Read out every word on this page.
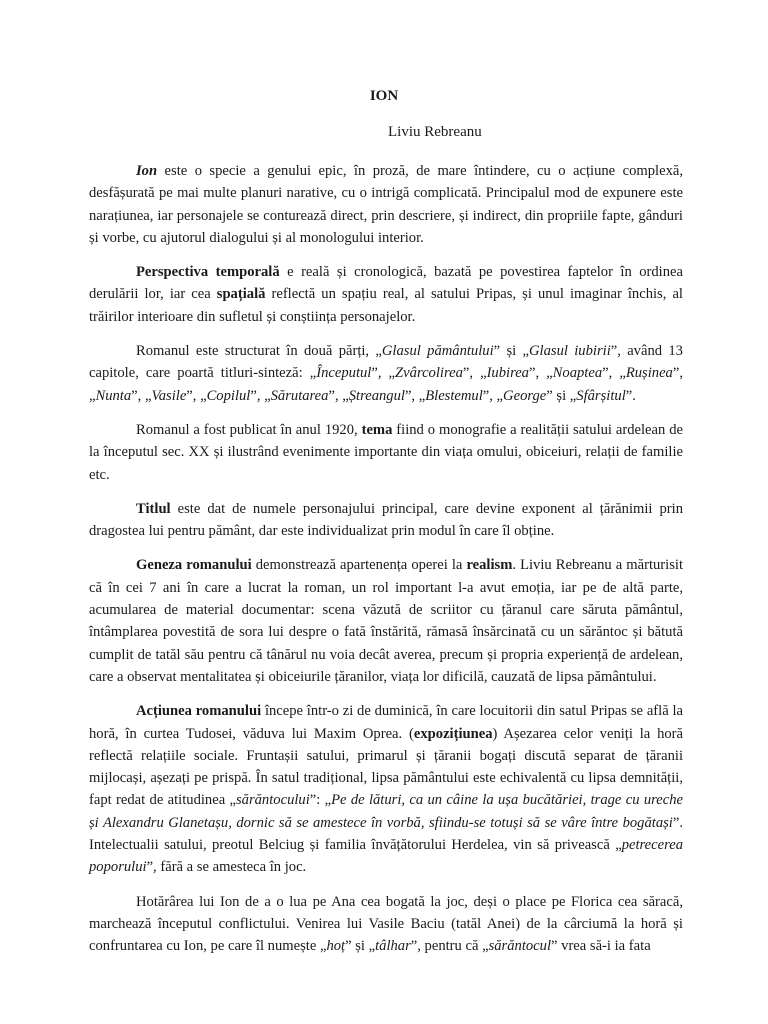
ION

Liviu Rebreanu

Ion este o specie a genului epic, în proză, de mare întindere, cu o acțiune complexă, desfășurată pe mai multe planuri narative, cu o intrigă complicată. Principalul mod de expunere este narațiunea, iar personajele se conturează direct, prin descriere, și indirect, din propriile fapte, gânduri și vorbe, cu ajutorul dialogului și al monologului interior.

Perspectiva temporală e reală și cronologică, bazată pe povestirea faptelor în ordinea derulării lor, iar cea spațială reflectă un spațiu real, al satului Pripas, și unul imaginar închis, al trăirilor interioare din sufletul și conștiința personajelor.

Romanul este structurat în două părți, „Glasul pământului” și „Glasul iubirii”, având 13 capitole, care poartă titluri-sinteză: „Începutul”, „Zvârcolirea”, „Iubirea”, „Noaptea”, „Rușinea”, „Nunta”, „Vasile”, „Copilul”, „Sărutarea”, „Ștreangul”, „Blestemul”, „George” și „Sfârșitul”.

Romanul a fost publicat în anul 1920, tema fiind o monografie a realității satului ardelean de la începutul sec. XX și ilustrând evenimente importante din viața omului, obiceiuri, relații de familie etc.

Titlul este dat de numele personajului principal, care devine exponent al țărănimii prin dragostea lui pentru pământ, dar este individualizat prin modul în care îl obține.

Geneza romanului demonstrează apartenența operei la realism. Liviu Rebreanu a mărturisit că în cei 7 ani în care a lucrat la roman, un rol important l-a avut emoția, iar pe de altă parte, acumularea de material documentar: scena văzută de scriitor cu țăranul care săruta pământul, întâmplarea povestită de sora lui despre o fată înstărită, rămasă însărcinată cu un sărăntoc și bătută cumplit de tatăl său pentru că tânărul nu voia decât averea, precum și propria experiență de ardelean, care a observat mentalitatea și obiceiurile țăranilor, viața lor dificilă, cauzată de lipsa pământului.

Acțiunea romanului începe într-o zi de duminică, în care locuitorii din satul Pripas se află la horă, în curtea Tudosei, văduva lui Maxim Oprea. (expozițiunea) Așezarea celor veniți la horă reflectă relațiile sociale. Fruntașii satului, primarul și țăranii bogați discută separat de țăranii mijlocași, așezați pe prispă. În satul tradițional, lipsa pământului este echivalentă cu lipsa demnității, fapt redat de atitudinea „sărăntocului”: „Pe de lături, ca un câine la ușa bucătăriei, trage cu ureche și Alexandru Glanetașu, dornic să se amestece în vorbă, sfiindu-se totuși să se vâre între bogătași”. Intelectualii satului, preotul Belciug și familia învățătorului Herdelea, vin să privească „petrecerea poporului”, fără a se amesteca în joc.

Hotărârea lui Ion de a o lua pe Ana cea bogată la joc, deși o place pe Florica cea săracă, marchează începutul conflictului. Venirea lui Vasile Baciu (tatăl Anei) de la cârciumă la horă și confruntarea cu Ion, pe care îl numește „hoț” și „tâlhar”, pentru că „sărăntocul” vrea să-i ia fata
